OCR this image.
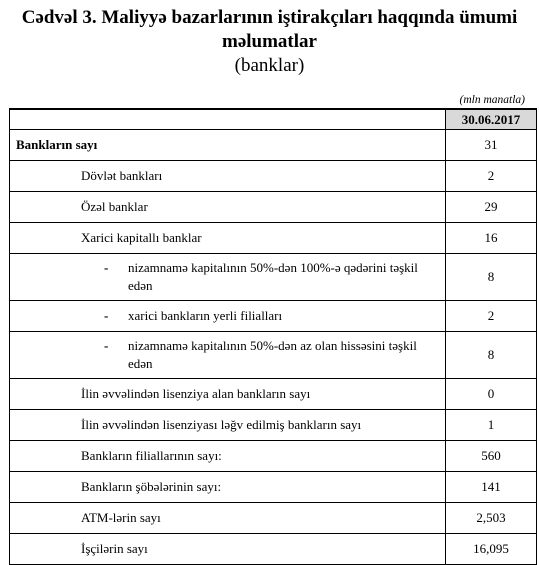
Cədvəl 3. Maliyyə bazarlarının iştirakçıları haqqında ümumi məlumatlar
(banklar)
(mln manatla)
	30.06.2017
Bankların sayı	31
Dövlət bankları	2
Özəl banklar	29
Xarici kapitallı banklar	16

- nizamnamə kapitalının 50%-dən 100%-ə qədərini təşkil edən	8

- xarici bankların yerli filialları	2

- nizamnamə kapitalının 50%-dən az olan hissəsini təşkil edən	8
İlin əvvəlindən lisenziya alan bankların sayı	0
İlin əvvəlindən lisenziyası ləğv edilmiş bankların sayı	1
Bankların filiallarının sayı:	560
Bankların şöbələrinin sayı:	141
ATM-lərin sayı	2,503
İşçilərin sayı	16,095
